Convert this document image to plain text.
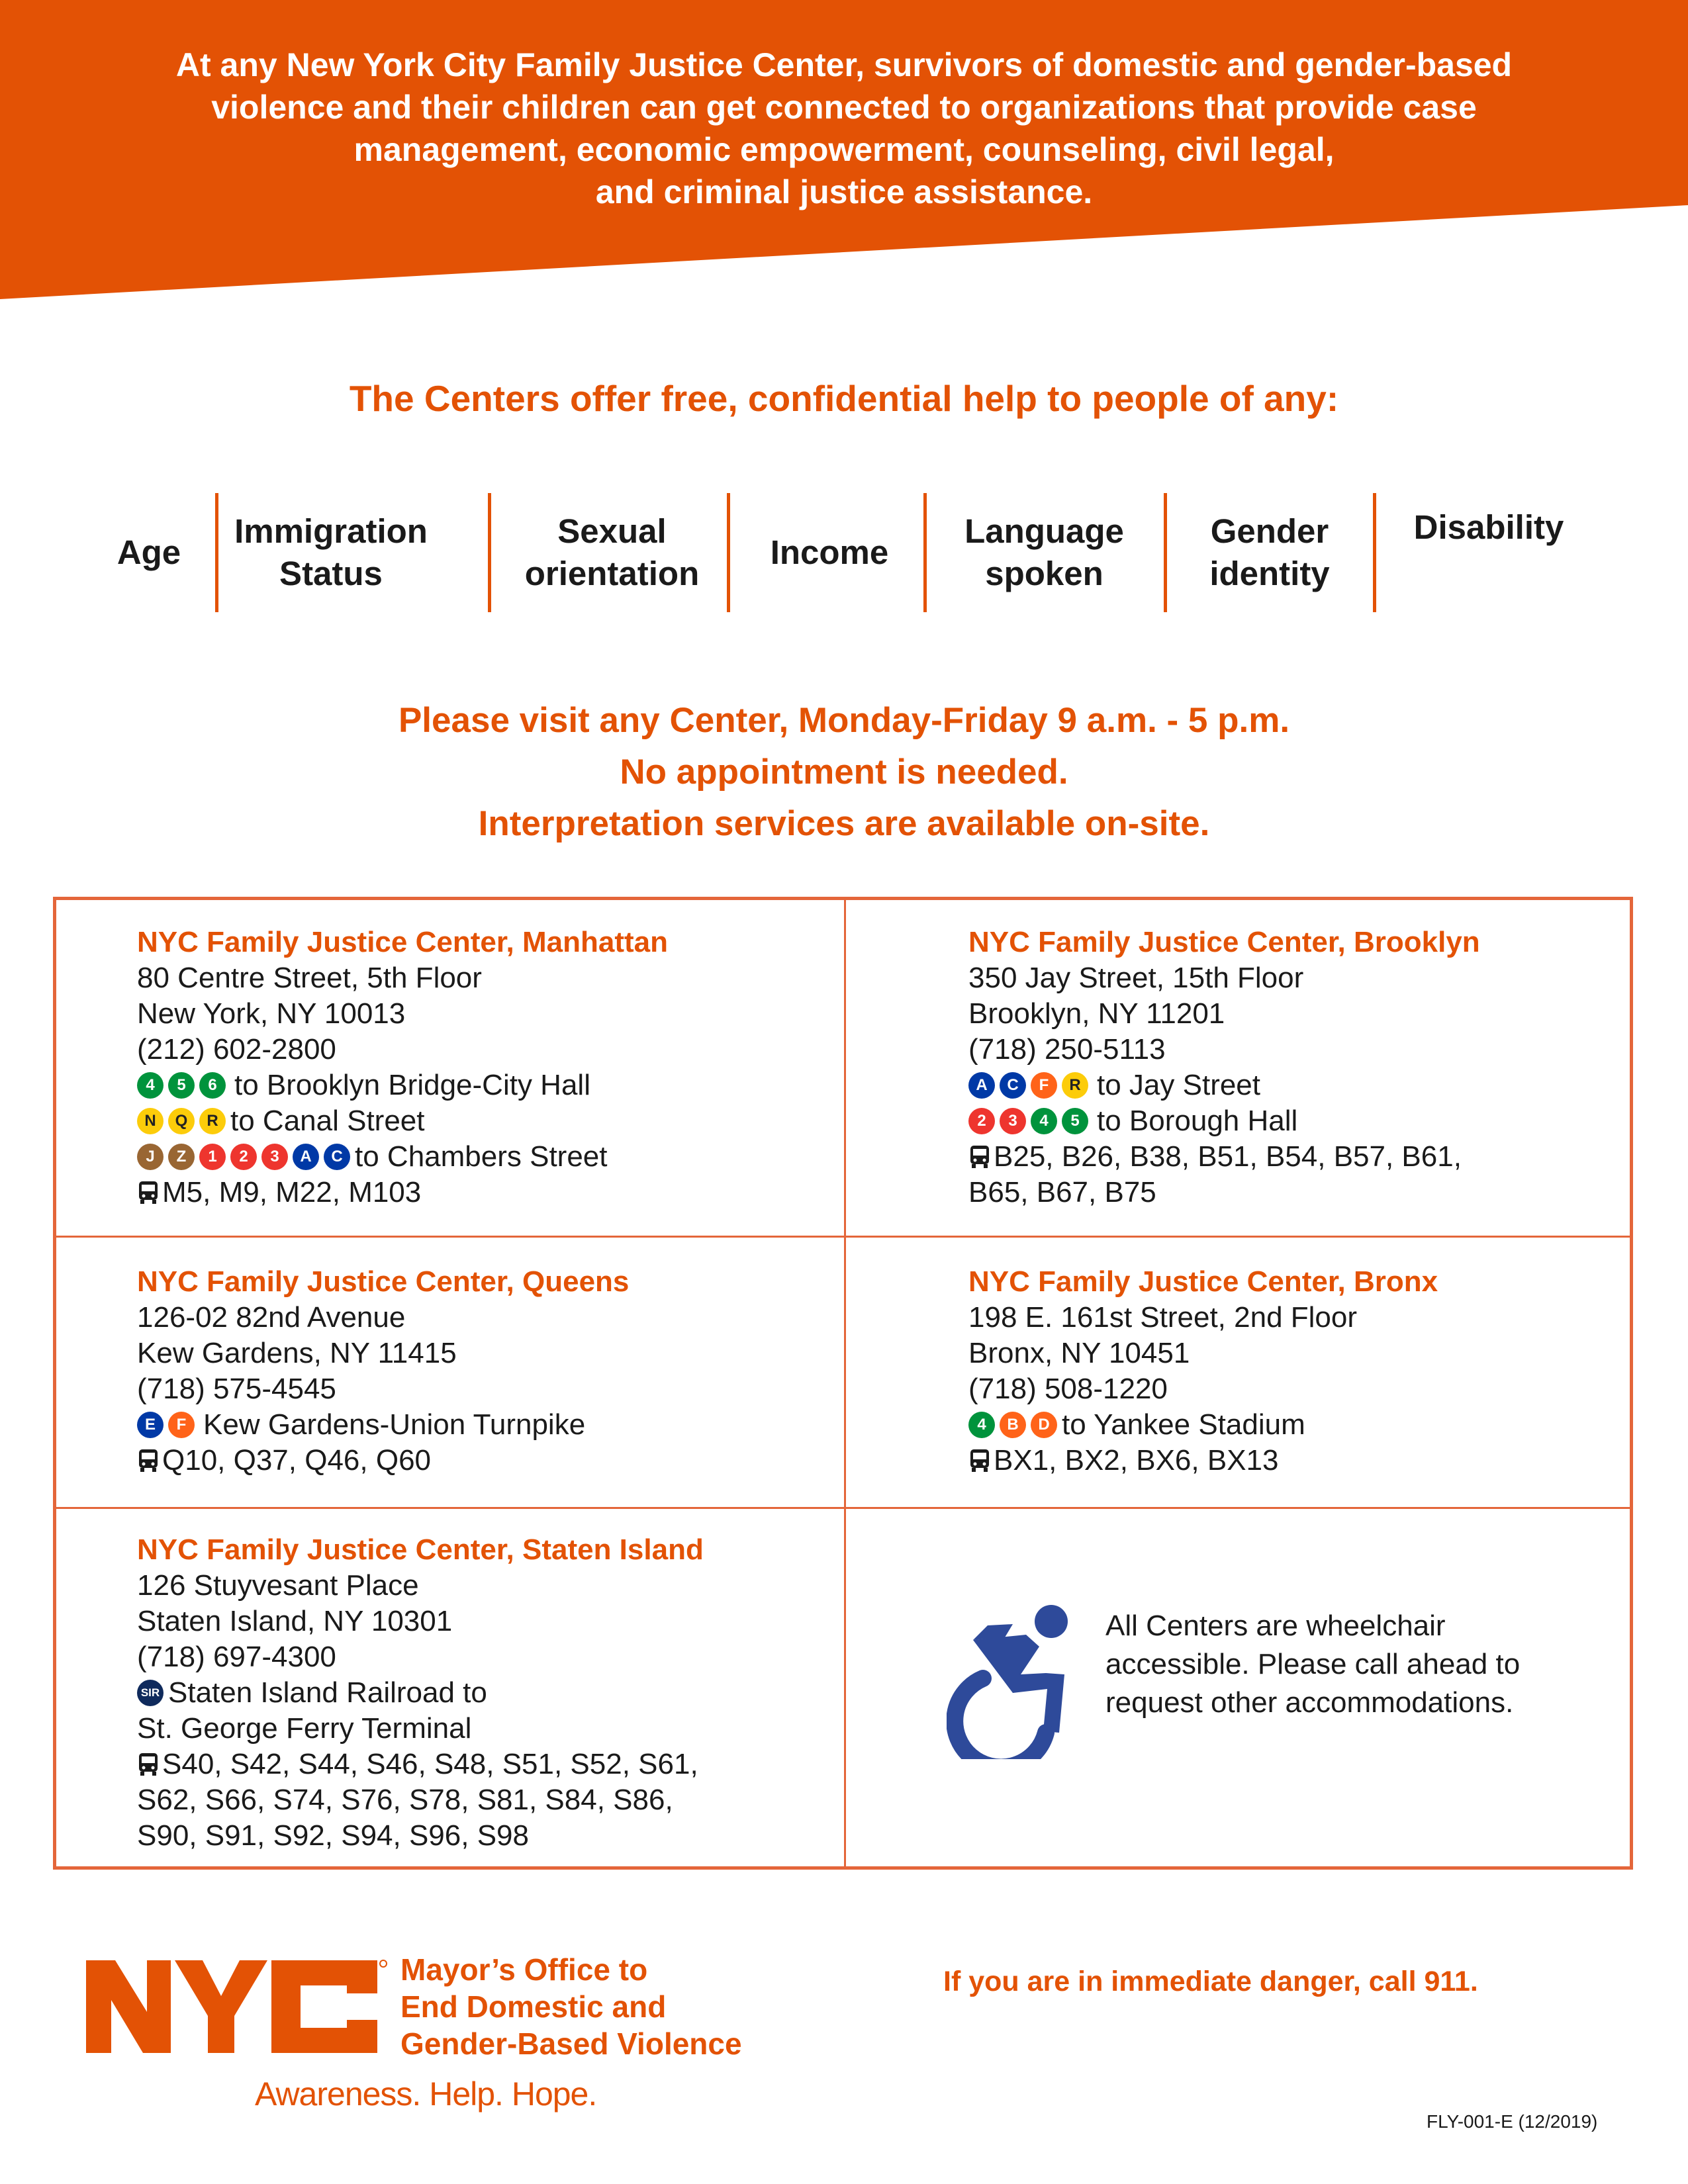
At any New York City Family Justice Center, survivors of domestic and gender-based
violence and their children can get connected to organizations that provide case
management, economic empowerment, counseling, civil legal,
and criminal justice assistance.
The Centers offer free, confidential help to people of any:
Age
Immigration
Status
Sexual
orientation
Income
Language
spoken
Gender
identity
Disability
Please visit any Center, Monday-Friday 9 a.m. - 5 p.m.
No appointment is needed.
Interpretation services are available on-site.
NYC Family Justice Center, Manhattan
80 Centre Street, 5th Floor
New York, NY 10013
(212) 602-2800
4	5	6 to Brooklyn Bridge-City Hall
N	Q	R to Canal Street
J	Z	1	2	3	A	C to Chambers Street
M5, M9, M22, M103
NYC Family Justice Center, Brooklyn
350 Jay Street, 15th Floor
Brooklyn, NY 11201
(718) 250-5113
A	C	F	R to Jay Street
2	3	4	5 to Borough Hall
B25, B26, B38, B51, B54, B57, B61,
B65, B67, B75
NYC Family Justice Center, Queens
126-02 82nd Avenue
Kew Gardens, NY 11415
(718) 575-4545
E	F Kew Gardens-Union Turnpike
Q10, Q37, Q46, Q60
NYC Family Justice Center, Bronx
198 E. 161st Street, 2nd Floor
Bronx, NY 10451
(718) 508-1220
4	B	D to Yankee Stadium
BX1, BX2, BX6, BX13
NYC Family Justice Center, Staten Island
126 Stuyvesant Place
Staten Island, NY 10301
(718) 697-4300
SIR Staten Island Railroad to
St. George Ferry Terminal
S40, S42, S44, S46, S48, S51, S52, S61,
S62, S66, S74, S76, S78, S81, S84, S86,
S90, S91, S92, S94, S96, S98
All Centers are wheelchair accessible. Please call ahead to request other accommodations.
Mayor’s Office to
End Domestic and
Gender-Based Violence
Awareness. Help. Hope.
If you are in immediate danger, call 911.
FLY-001-E (12/2019)
